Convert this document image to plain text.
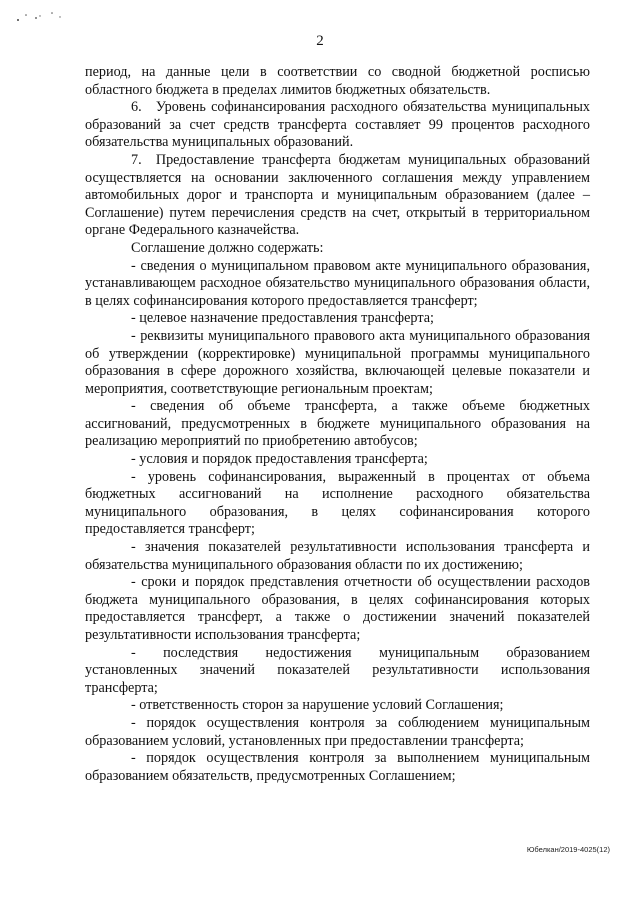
2

период, на данные цели в соответствии со сводной бюджетной росписью областного бюджета в пределах лимитов бюджетных обязательств.

6. Уровень софинансирования расходного обязательства муниципальных образований за счет средств трансферта составляет 99 процентов расходного обязательства муниципальных образований.

7. Предоставление трансферта бюджетам муниципальных образований осуществляется на основании заключенного соглашения между управлением автомобильных дорог и транспорта и муниципальным образованием (далее – Соглашение) путем перечисления средств на счет, открытый в территориальном органе Федерального казначейства.

Соглашение должно содержать:

- сведения о муниципальном правовом акте муниципального образования, устанавливающем расходное обязательство муниципального образования области, в целях софинансирования которого предоставляется трансферт;

- целевое назначение предоставления трансферта;

- реквизиты муниципального правового акта муниципального образования об утверждении (корректировке) муниципальной программы муниципального образования в сфере дорожного хозяйства, включающей целевые показатели и мероприятия, соответствующие региональным проектам;

- сведения об объеме трансферта, а также объеме бюджетных ассигнований, предусмотренных в бюджете муниципального образования на реализацию мероприятий по приобретению автобусов;

- условия и порядок предоставления трансферта;

- уровень софинансирования, выраженный в процентах от объема бюджетных ассигнований на исполнение расходного обязательства муниципального образования, в целях софинансирования которого предоставляется трансферт;

- значения показателей результативности использования трансферта и обязательства муниципального образования области по их достижению;

- сроки и порядок представления отчетности об осуществлении расходов бюджета муниципального образования, в целях софинансирования которых предоставляется трансферт, а также о достижении значений показателей результативности использования трансферта;

- последствия недостижения муниципальным образованием установленных значений показателей результативности использования трансферта;

- ответственность сторон за нарушение условий Соглашения;

- порядок осуществления контроля за соблюдением муниципальным образованием условий, установленных при предоставлении трансферта;

- порядок осуществления контроля за выполнением муниципальным образованием обязательств, предусмотренных Соглашением;

Юбелкан/2019-4025(12)
